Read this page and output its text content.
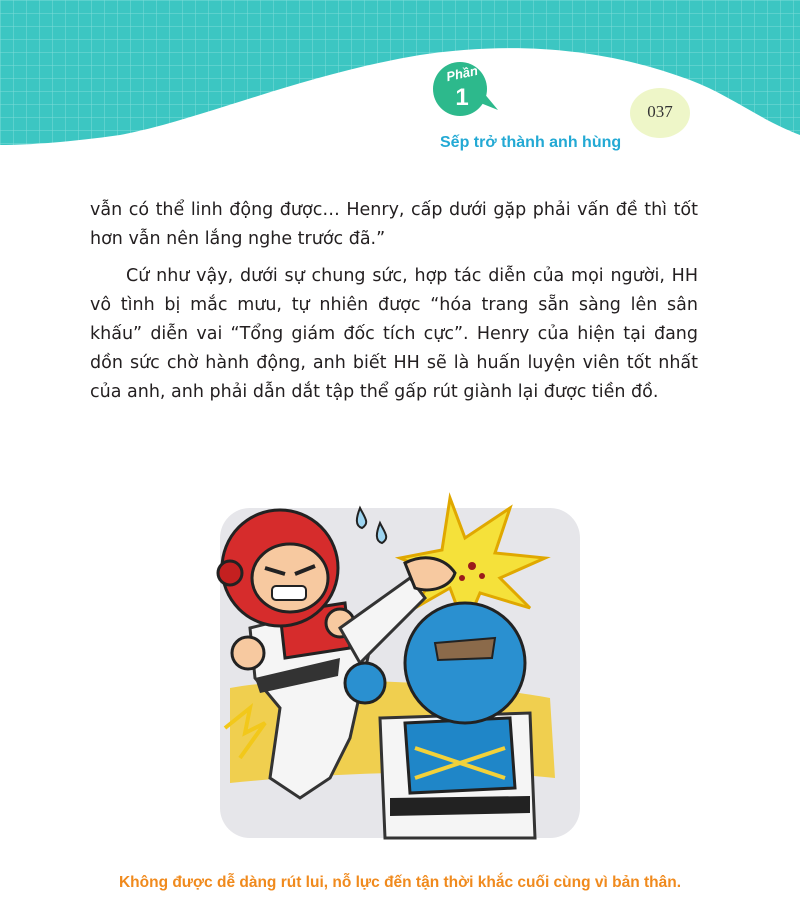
Phần
1
037
Sếp trở thành anh hùng

vẫn có thể linh động được… Henry, cấp dưới gặp phải vấn đề thì tốt hơn vẫn nên lắng nghe trước đã.”

Cứ như vậy, dưới sự chung sức, hợp tác diễn của mọi người, HH vô tình bị mắc mưu, tự nhiên được “hóa trang sẵn sàng lên sân khấu” diễn vai “Tổng giám đốc tích cực”. Henry của hiện tại đang dồn sức chờ hành động, anh biết HH sẽ là huấn luyện viên tốt nhất của anh, anh phải dẫn dắt tập thể gấp rút giành lại được tiền đồ.

Không được dễ dàng rút lui, nỗ lực đến tận thời khắc cuối cùng vì bản thân.
